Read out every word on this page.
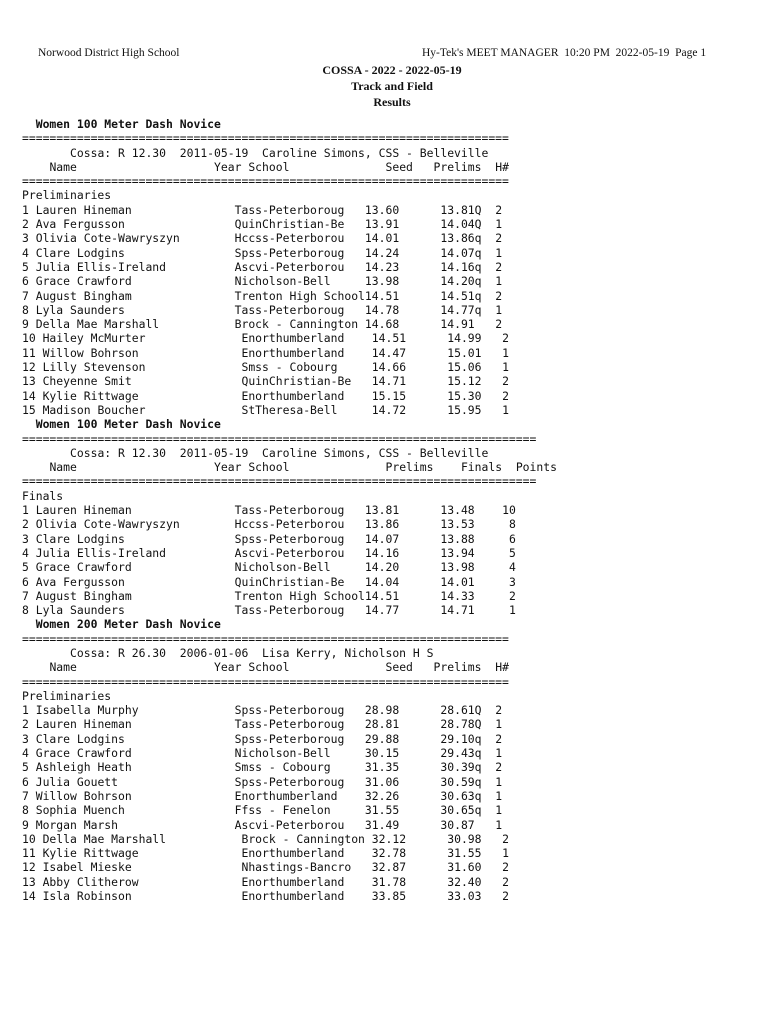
Norwood District High School	Hy-Tek's MEET MANAGER  10:20 PM  2022-05-19  Page 1
COSSA - 2022 - 2022-05-19
Track and Field
Results
Women 100 Meter Dash Novice
=======================================================================
Cossa: R 12.30  2011-05-19  Caroline Simons, CSS - Belleville
Name	Year School	Seed Prelims H#
=======================================================================
Preliminaries
1 Lauren Hineman	Tass-Peterboroug 13.60	13.81Q 2
2 Ava Fergusson	QuinChristian-Be 13.91	14.04Q 1
3 Olivia Cote-Wawryszyn	Hccss-Peterborou 14.01	13.86q 2
4 Clare Lodgins	Spss-Peterboroug 14.24	14.07q 1
5 Julia Ellis-Ireland	Ascvi-Peterborou 14.23	14.16q 2
6 Grace Crawford	Nicholson-Bell	13.98	14.20q 1
7 August Bingham	Trenton High School14.51	14.51q 2
8 Lyla Saunders	Tass-Peterboroug 14.78	14.77q 1
9 Della Mae Marshall	Brock - Cannington 14.68	14.91 2
10 Hailey McMurter	Enorthumberland 14.51	14.99 2
11 Willow Bohrson	Enorthumberland 14.47	15.01 1
12 Lilly Stevenson	Smss - Cobourg	14.66	15.06 1
13 Cheyenne Smit	QuinChristian-Be 14.71	15.12 2
14 Kylie Rittwage	Enorthumberland 15.15	15.30 2
15 Madison Boucher	StTheresa-Bell	14.72	15.95 1
Women 100 Meter Dash Novice
===========================================================================
Cossa: R 12.30  2011-05-19  Caroline Simons, CSS - Belleville
Name	Year School	Prelims Finals Points
===========================================================================
Finals
1 Lauren Hineman	Tass-Peterboroug 13.81	13.48 10
2 Olivia Cote-Wawryszyn	Hccss-Peterborou 13.86	13.53	8
3 Clare Lodgins	Spss-Peterboroug 14.07	13.88	6
4 Julia Ellis-Ireland	Ascvi-Peterborou 14.16	13.94	5
5 Grace Crawford	Nicholson-Bell	14.20	13.98	4
6 Ava Fergusson	QuinChristian-Be 14.04	14.01	3
7 August Bingham	Trenton High School14.51	14.33	2
8 Lyla Saunders	Tass-Peterboroug 14.77	14.71	1
Women 200 Meter Dash Novice
=======================================================================
Cossa: R 26.30  2006-01-06  Lisa Kerry, Nicholson H S
Name	Year School	Seed Prelims H#
=======================================================================
Preliminaries
1 Isabella Murphy	Spss-Peterboroug 28.98	28.61Q 2
2 Lauren Hineman	Tass-Peterboroug 28.81	28.78Q 1
3 Clare Lodgins	Spss-Peterboroug 29.88	29.10q 2
4 Grace Crawford	Nicholson-Bell	30.15	29.43q 1
5 Ashleigh Heath	Smss - Cobourg	31.35	30.39q 2
6 Julia Gouett	Spss-Peterboroug 31.06	30.59q 1
7 Willow Bohrson	Enorthumberland 32.26	30.63q 1
8 Sophia Muench	Ffss - Fenelon	31.55	30.65q 1
9 Morgan Marsh	Ascvi-Peterborou 31.49	30.87 1
10 Della Mae Marshall	Brock - Cannington 32.12	30.98 2
11 Kylie Rittwage	Enorthumberland 32.78	31.55 1
12 Isabel Mieske	Nhastings-Bancro 32.87	31.60 2
13 Abby Clitherow	Enorthumberland 31.78	32.40 2
14 Isla Robinson	Enorthumberland 33.85	33.03 2
